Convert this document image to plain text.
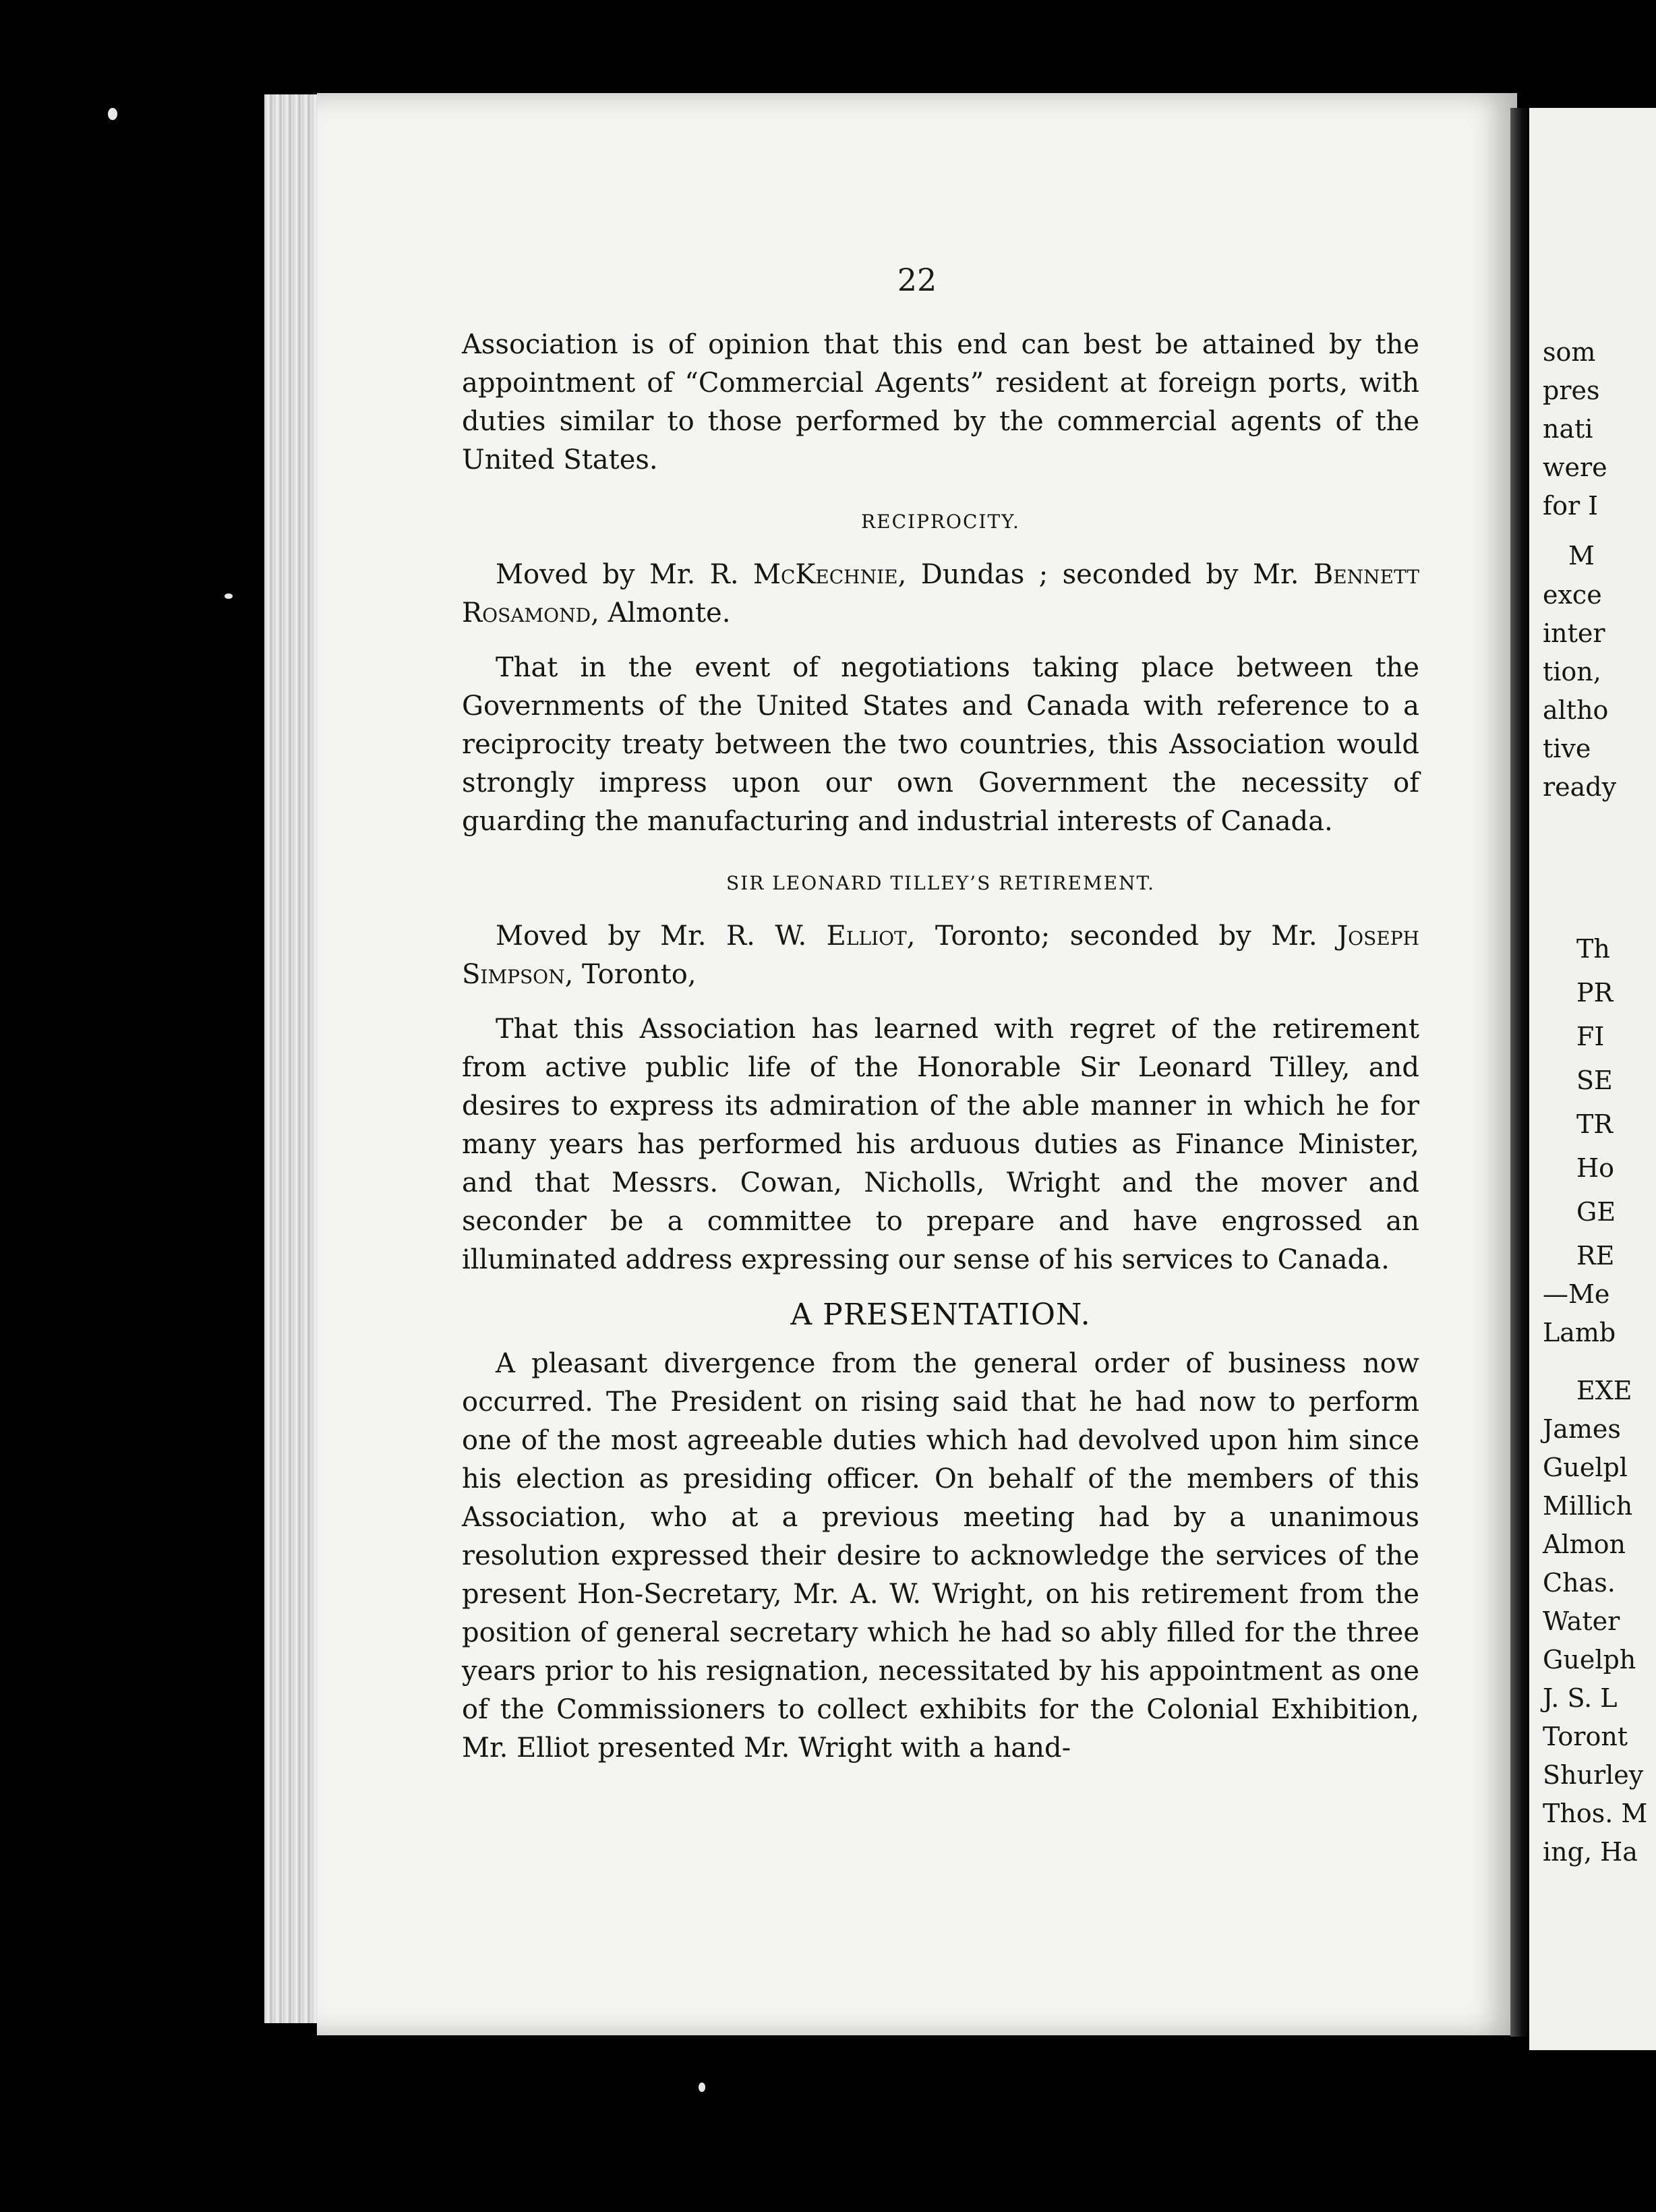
22

Association is of opinion that this end can best be attained by the appointment of “Commercial Agents” resident at foreign ports, with duties similar to those performed by the commercial agents of the United States.

RECIPROCITY.

Moved by Mr. R. McKechnie, Dundas ; seconded by Mr. Bennett Rosamond, Almonte.

That in the event of negotiations taking place between the Governments of the United States and Canada with reference to a reciprocity treaty between the two countries, this Association would strongly impress upon our own Government the necessity of guarding the manufacturing and industrial interests of Canada.

SIR LEONARD TILLEY’S RETIREMENT.

Moved by Mr. R. W. Elliot, Toronto; seconded by Mr. Joseph Simpson, Toronto,

That this Association has learned with regret of the retirement from active public life of the Honorable Sir Leonard Tilley, and desires to express its admiration of the able manner in which he for many years has performed his arduous duties as Finance Minister, and that Messrs. Cowan, Nicholls, Wright and the mover and seconder be a committee to prepare and have engrossed an illuminated address expressing our sense of his services to Canada.

A PRESENTATION.

A pleasant divergence from the general order of business now occurred. The President on rising said that he had now to perform one of the most agreeable duties which had devolved upon him since his election as presiding officer. On behalf of the members of this Association, who at a previous meeting had by a unanimous resolution expressed their desire to acknowledge the services of the present Hon-Secretary, Mr. A. W. Wright, on his retirement from the position of general secretary which he had so ably filled for the three years prior to his resignation, necessitated by his appointment as one of the Commissioners to collect exhibits for the Colonial Exhibition, Mr. Elliot presented Mr. Wright with a hand-

som
pres
nati
were
for I
M
exce
inter
tion,
altho
tive
ready
Th
PR
FI
SE
TR
Ho
GE
RE
—Me
Lamb
EXE
James
Guelpl
Millich
Almon
Chas.
Water
Guelph
J. S. L
Toront
Shurley
Thos. M
ing, Ha
